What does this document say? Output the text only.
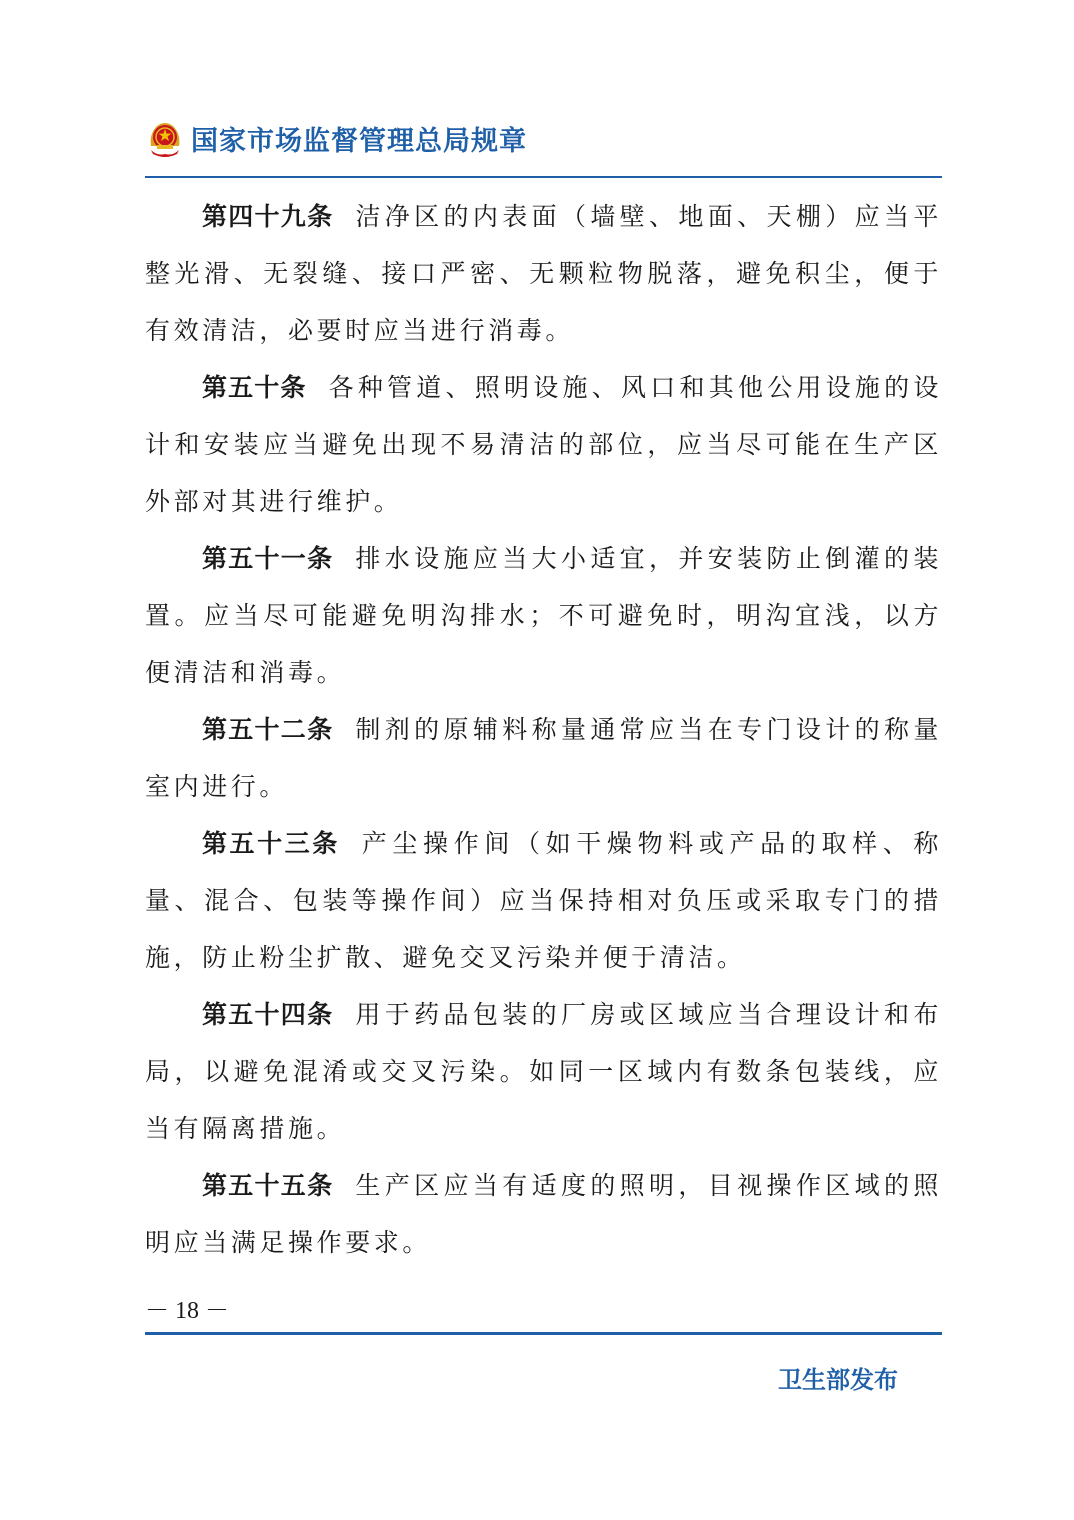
国家市场监督管理总局规章

第四十九条 洁净区的内表面（墙壁、地面、天棚）应当平整光滑、无裂缝、接口严密、无颗粒物脱落，避免积尘，便于有效清洁，必要时应当进行消毒。

第五十条 各种管道、照明设施、风口和其他公用设施的设计和安装应当避免出现不易清洁的部位，应当尽可能在生产区外部对其进行维护。

第五十一条 排水设施应当大小适宜，并安装防止倒灌的装置。应当尽可能避免明沟排水；不可避免时，明沟宜浅，以方便清洁和消毒。

第五十二条 制剂的原辅料称量通常应当在专门设计的称量室内进行。

第五十三条 产尘操作间（如干燥物料或产品的取样、称量、混合、包装等操作间）应当保持相对负压或采取专门的措施，防止粉尘扩散、避免交叉污染并便于清洁。

第五十四条 用于药品包装的厂房或区域应当合理设计和布局，以避免混淆或交叉污染。如同一区域内有数条包装线，应当有隔离措施。

第五十五条 生产区应当有适度的照明，目视操作区域的照明应当满足操作要求。

－ 18 －
卫生部发布
